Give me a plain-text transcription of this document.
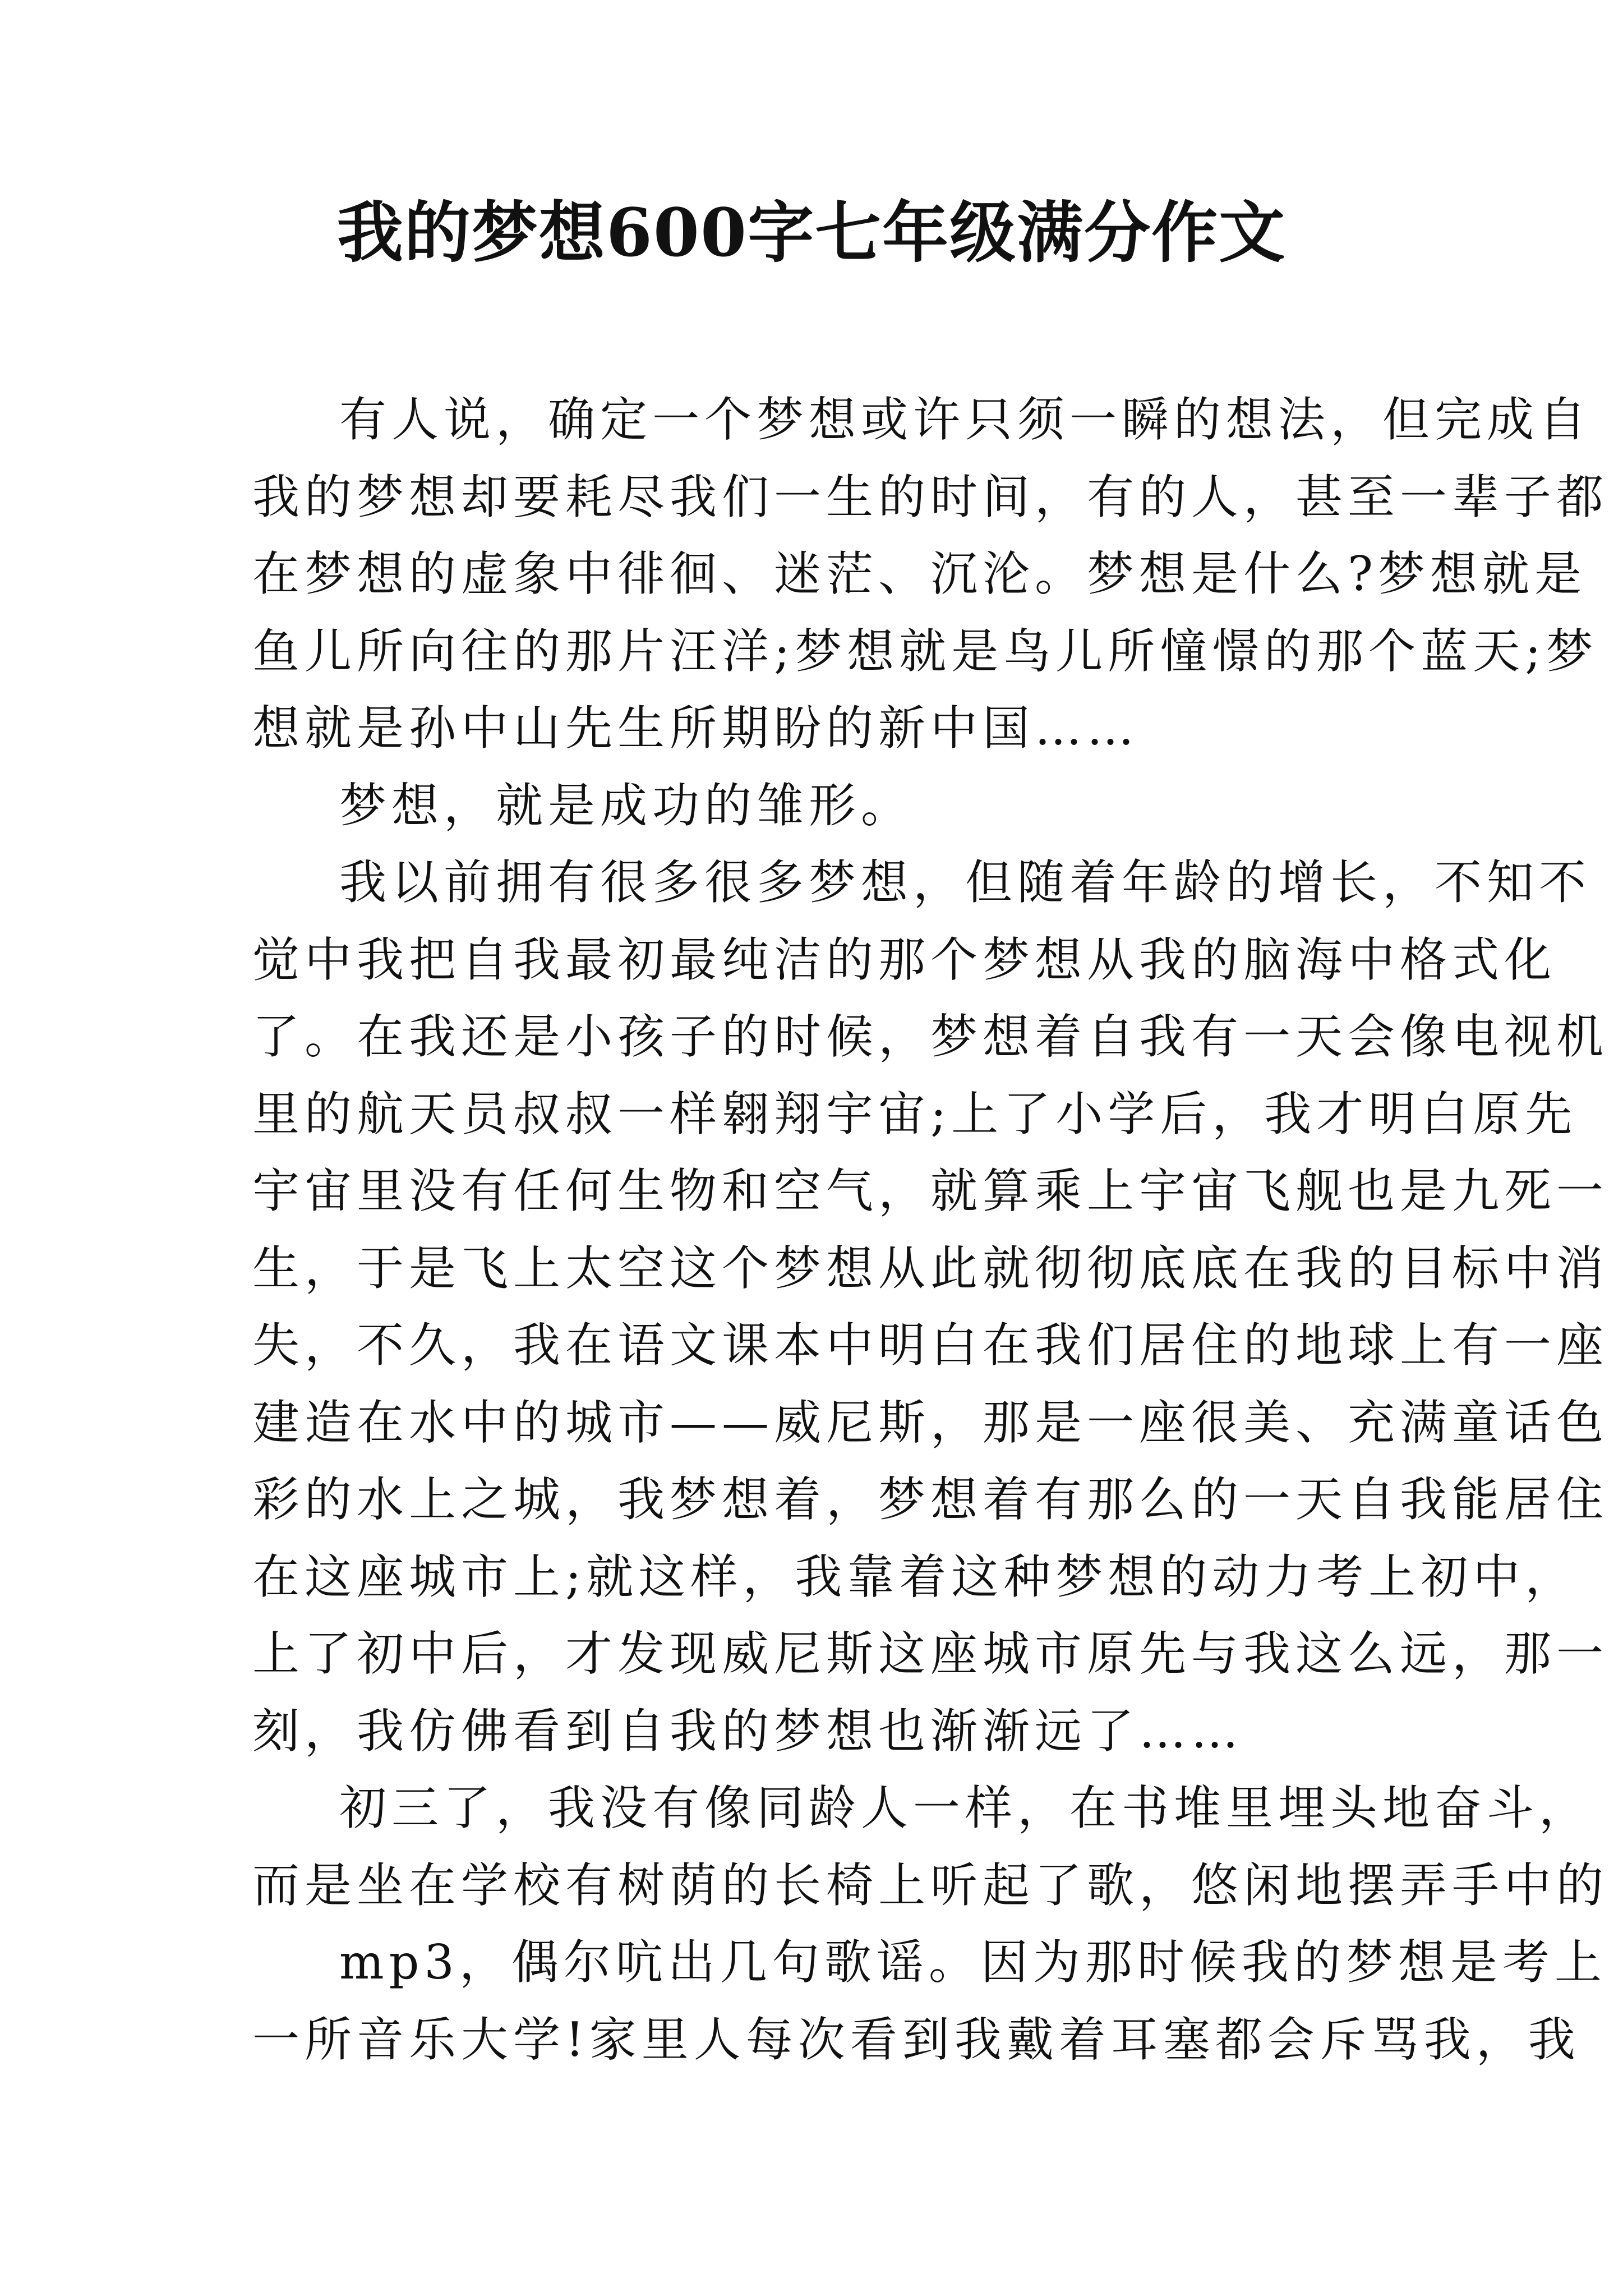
我的梦想600字七年级满分作文
有人说，确定一个梦想或许只须一瞬的想法，但完成自
我的梦想却要耗尽我们一生的时间，有的人，甚至一辈子都
在梦想的虚象中徘徊、迷茫、沉沦。梦想是什么?梦想就是
鱼儿所向往的那片汪洋;梦想就是鸟儿所憧憬的那个蓝天;梦
想就是孙中山先生所期盼的新中国……
梦想，就是成功的雏形。
我以前拥有很多很多梦想，但随着年龄的增长，不知不
觉中我把自我最初最纯洁的那个梦想从我的脑海中格式化
了。在我还是小孩子的时候，梦想着自我有一天会像电视机
里的航天员叔叔一样翱翔宇宙;上了小学后，我才明白原先
宇宙里没有任何生物和空气，就算乘上宇宙飞舰也是九死一
生，于是飞上太空这个梦想从此就彻彻底底在我的目标中消
失，不久，我在语文课本中明白在我们居住的地球上有一座
建造在水中的城市——威尼斯，那是一座很美、充满童话色
彩的水上之城，我梦想着，梦想着有那么的一天自我能居住
在这座城市上;就这样，我靠着这种梦想的动力考上初中，
上了初中后，才发现威尼斯这座城市原先与我这么远，那一
刻，我仿佛看到自我的梦想也渐渐远了……
初三了，我没有像同龄人一样，在书堆里埋头地奋斗，
而是坐在学校有树荫的长椅上听起了歌，悠闲地摆弄手中的
mp3，偶尔吭出几句歌谣。因为那时候我的梦想是考上
一所音乐大学!家里人每次看到我戴着耳塞都会斥骂我，我
